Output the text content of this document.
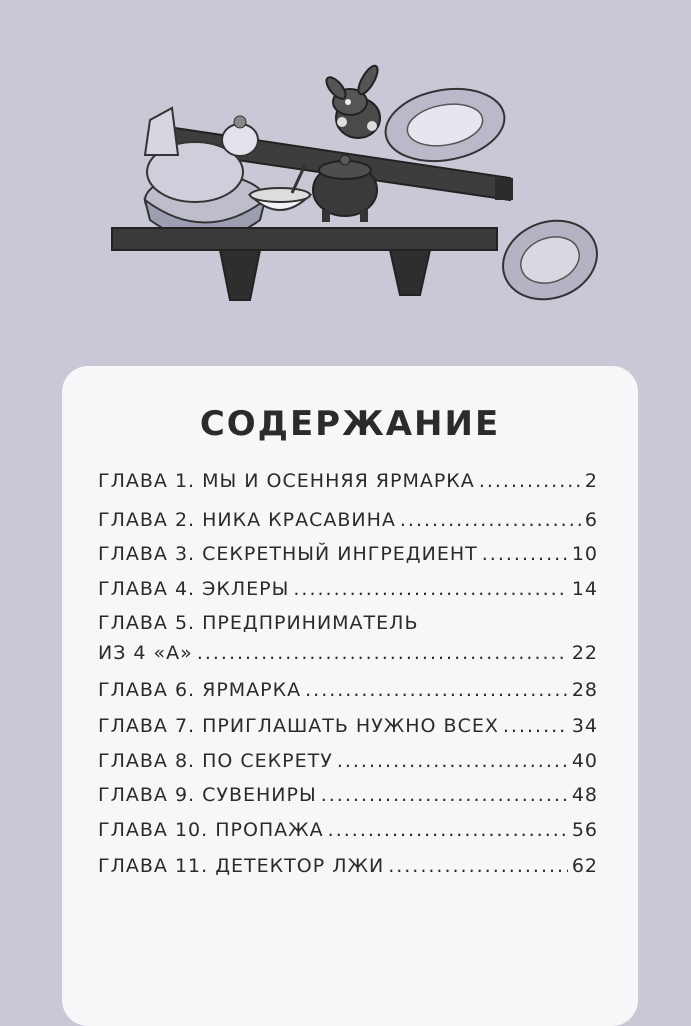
СОДЕРЖАНИЕ
ГЛАВА 1. МЫ И ОСЕННЯЯ ЯРМАРКА .....	2
ГЛАВА 2. НИКА КРАСАВИНА .....	6
ГЛАВА 3. СЕКРЕТНЫЙ ИНГРЕДИЕНТ .....	10
ГЛАВА 4. ЭКЛЕРЫ .....	14
ГЛАВА 5. ПРЕДПРИНИМАТЕЛЬ
ИЗ 4 «А» .....	22
ГЛАВА 6. ЯРМАРКА .....	28
ГЛАВА 7. ПРИГЛАШАТЬ НУЖНО ВСЕХ .....	34
ГЛАВА 8. ПО СЕКРЕТУ .....	40
ГЛАВА 9. СУВЕНИРЫ .....	48
ГЛАВА 10. ПРОПАЖА .....	56
ГЛАВА 11. ДЕТЕКТОР ЛЖИ .....	62
